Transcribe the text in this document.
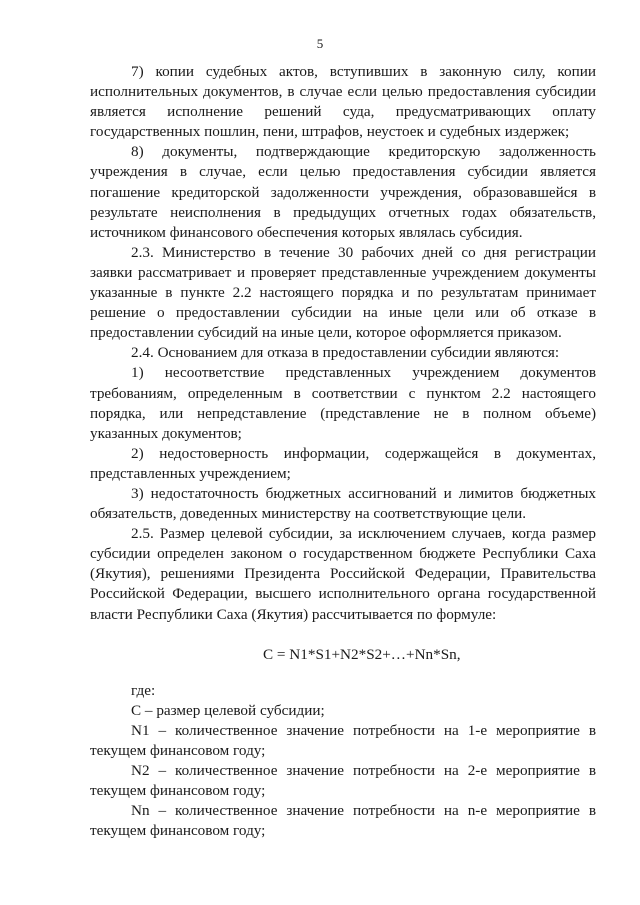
5

7) копии судебных актов, вступивших в законную силу, копии исполнительных документов, в случае если целью предоставления субсидии является исполнение решений суда, предусматривающих оплату государственных пошлин, пени, штрафов, неустоек и судебных издержек;

8) документы, подтверждающие кредиторскую задолженность учреждения в случае, если целью предоставления субсидии является погашение кредиторской задолженности учреждения, образовавшейся в результате неисполнения в предыдущих отчетных годах обязательств, источником финансового обеспечения которых являлась субсидия.

2.3. Министерство в течение 30 рабочих дней со дня регистрации заявки рассматривает и проверяет представленные учреждением документы указанные в пункте 2.2 настоящего порядка и по результатам принимает решение о предоставлении субсидии на иные цели или об отказе в предоставлении субсидий на иные цели, которое оформляется приказом.

2.4. Основанием для отказа в предоставлении субсидии являются:

1) несоответствие представленных учреждением документов требованиям, определенным в соответствии с пунктом 2.2 настоящего порядка, или непредставление (представление не в полном объеме) указанных документов;

2) недостоверность информации, содержащейся в документах, представленных учреждением;

3) недостаточность бюджетных ассигнований и лимитов бюджетных обязательств, доведенных министерству на соответствующие цели.

2.5. Размер целевой субсидии, за исключением случаев, когда размер субсидии определен законом о государственном бюджете Республики Саха (Якутия), решениями Президента Российской Федерации, Правительства Российской Федерации, высшего исполнительного органа государственной власти Республики Саха (Якутия) рассчитывается по формуле:

C = N1*S1+N2*S2+…+Nn*Sn,

где:

C – размер целевой субсидии;

N1 – количественное значение потребности на 1-е мероприятие в текущем финансовом году;

N2 – количественное значение потребности на 2-е мероприятие в текущем финансовом году;

Nn – количественное значение потребности на n-е мероприятие в текущем финансовом году;
